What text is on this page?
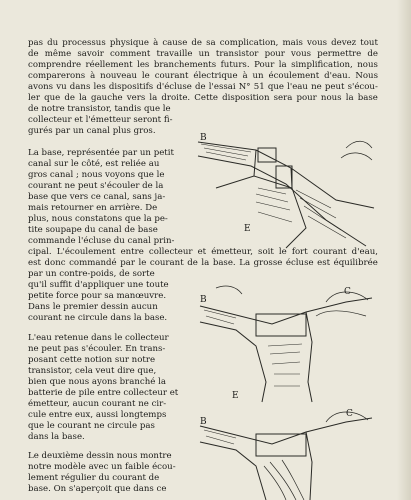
pas du processus physique à cause de sa complication, mais vous devez tout
de même savoir comment travaille un transistor pour vous permettre de
comprendre réellement les branchements futurs. Pour la simplification, nous
comparerons à nouveau le courant électrique à un écoulement d'eau. Nous
avons vu dans les dispositifs d'écluse de l'essai N° 51 que l'eau ne peut s'écou-
ler que de la gauche vers la droite. Cette disposition sera pour nous la base
de notre transistor, tandis que le
collecteur et l'émetteur seront fi-
gurés par un canal plus gros.
La base, représentée par un petit
canal sur le côté, est reliée au
gros canal ; nous voyons que le
courant ne peut s'écouler de la
base que vers ce canal, sans ja-
mais retourner en arrière. De
plus, nous constatons que la pe-
tite soupape du canal de base
commande l'écluse du canal prin-
cipal. L'écoulement entre collecteur et émetteur, soit le fort courant d'eau,
est donc commandé par le courant de la base. La grosse écluse est équilibrée
par un contre-poids, de sorte
qu'il suffit d'appliquer une toute
petite force pour sa manœuvre.
Dans le premier dessin aucun
courant ne circule dans la base.
L'eau retenue dans le collecteur
ne peut pas s'écouler. En trans-
posant cette notion sur notre
transistor, cela veut dire que,
bien que nous ayons branché la
batterie de pile entre collecteur et
émetteur, aucun courant ne cir-
cule entre eux, aussi longtemps
que le courant ne circule pas
dans la base.
Le deuxième dessin nous montre
notre modèle avec un faible écou-
lement régulier du courant de
base. On s'aperçoit que dans ce
B
E
B
C
E
B
C
